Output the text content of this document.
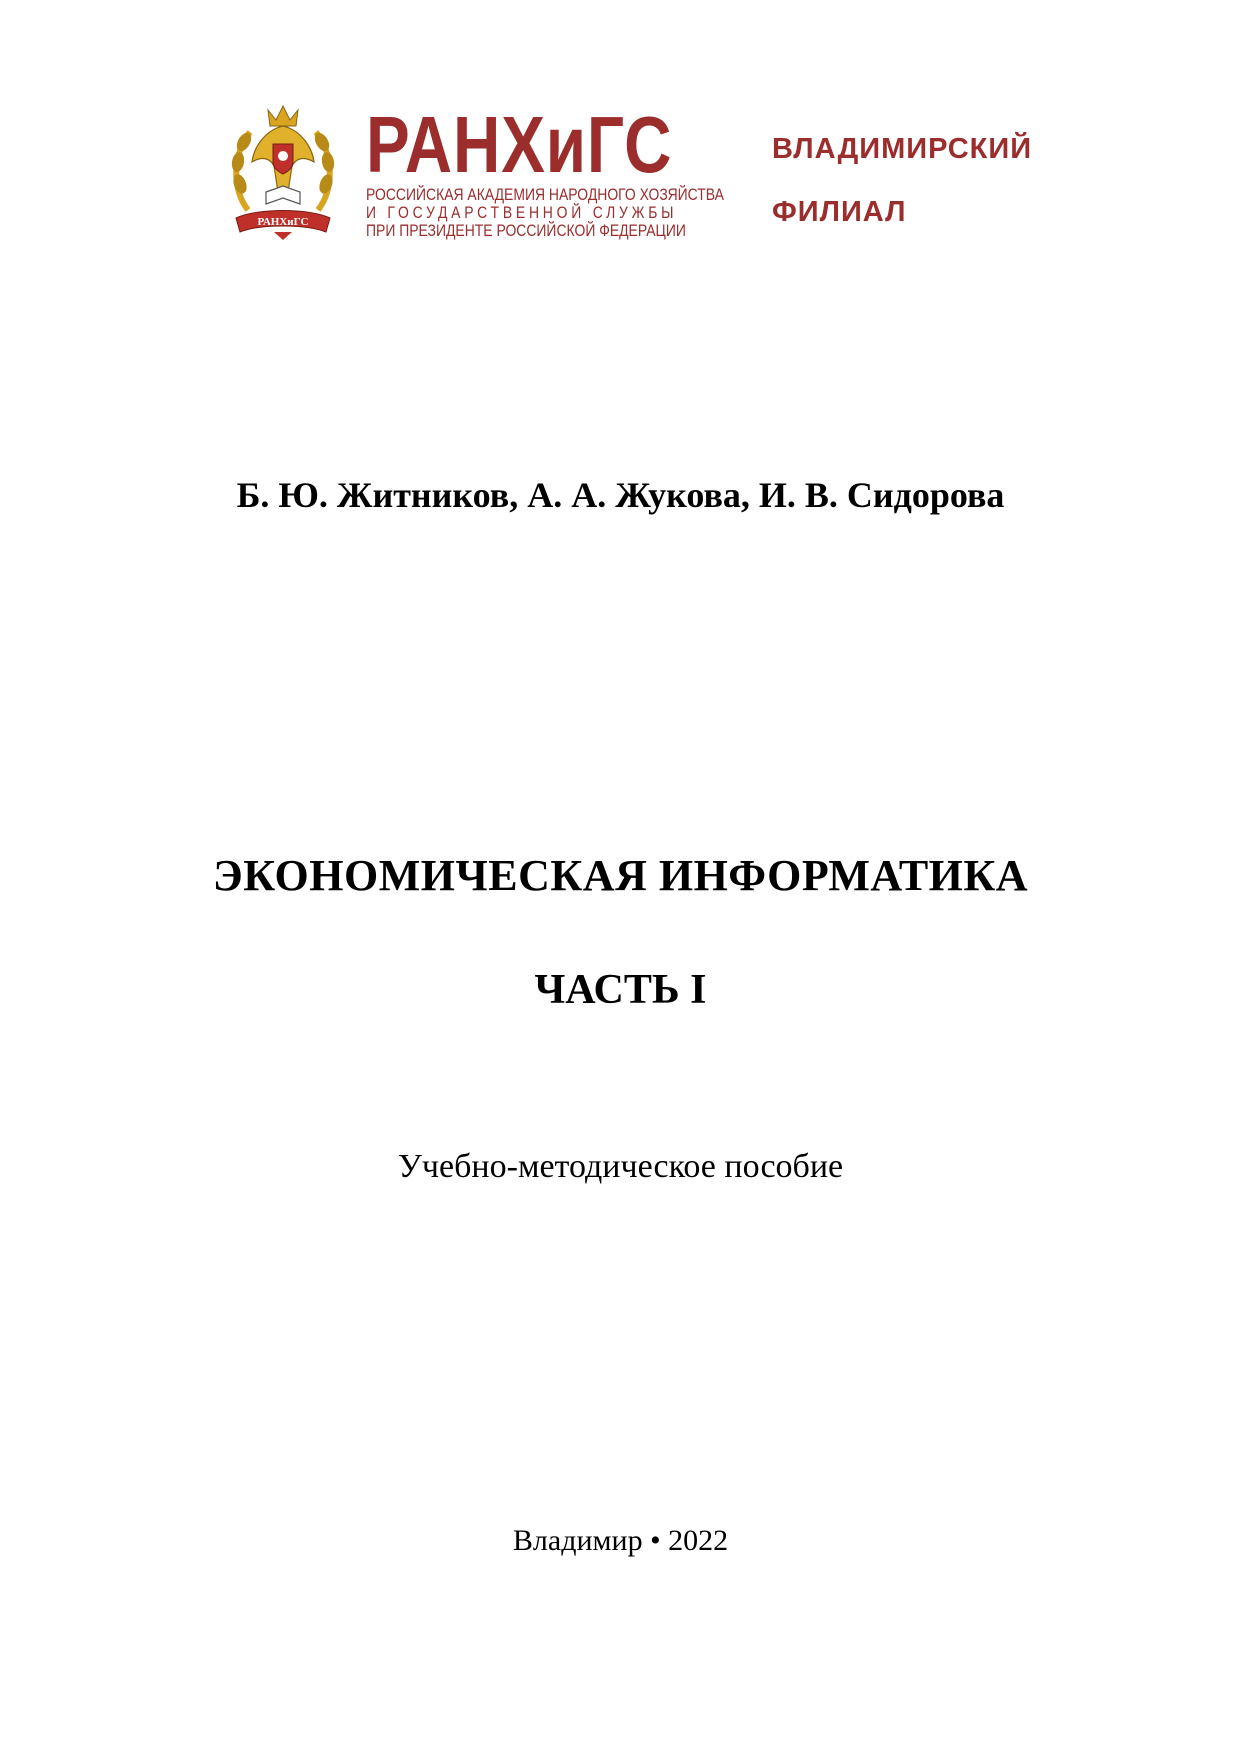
РАНХиГС
РАНХиГС
РОССИЙСКАЯ АКАДЕМИЯ НАРОДНОГО ХОЗЯЙСТВА
И ГОСУДАРСТВЕННОЙ СЛУЖБЫ
ПРИ ПРЕЗИДЕНТЕ РОССИЙСКОЙ ФЕДЕРАЦИИ
ВЛАДИМИРСКИЙ
ФИЛИАЛ
Б. Ю. Житников, А. А. Жукова, И. В. Сидорова
ЭКОНОМИЧЕСКАЯ ИНФОРМАТИКА
ЧАСТЬ I
Учебно-методическое пособие
Владимир • 2022
